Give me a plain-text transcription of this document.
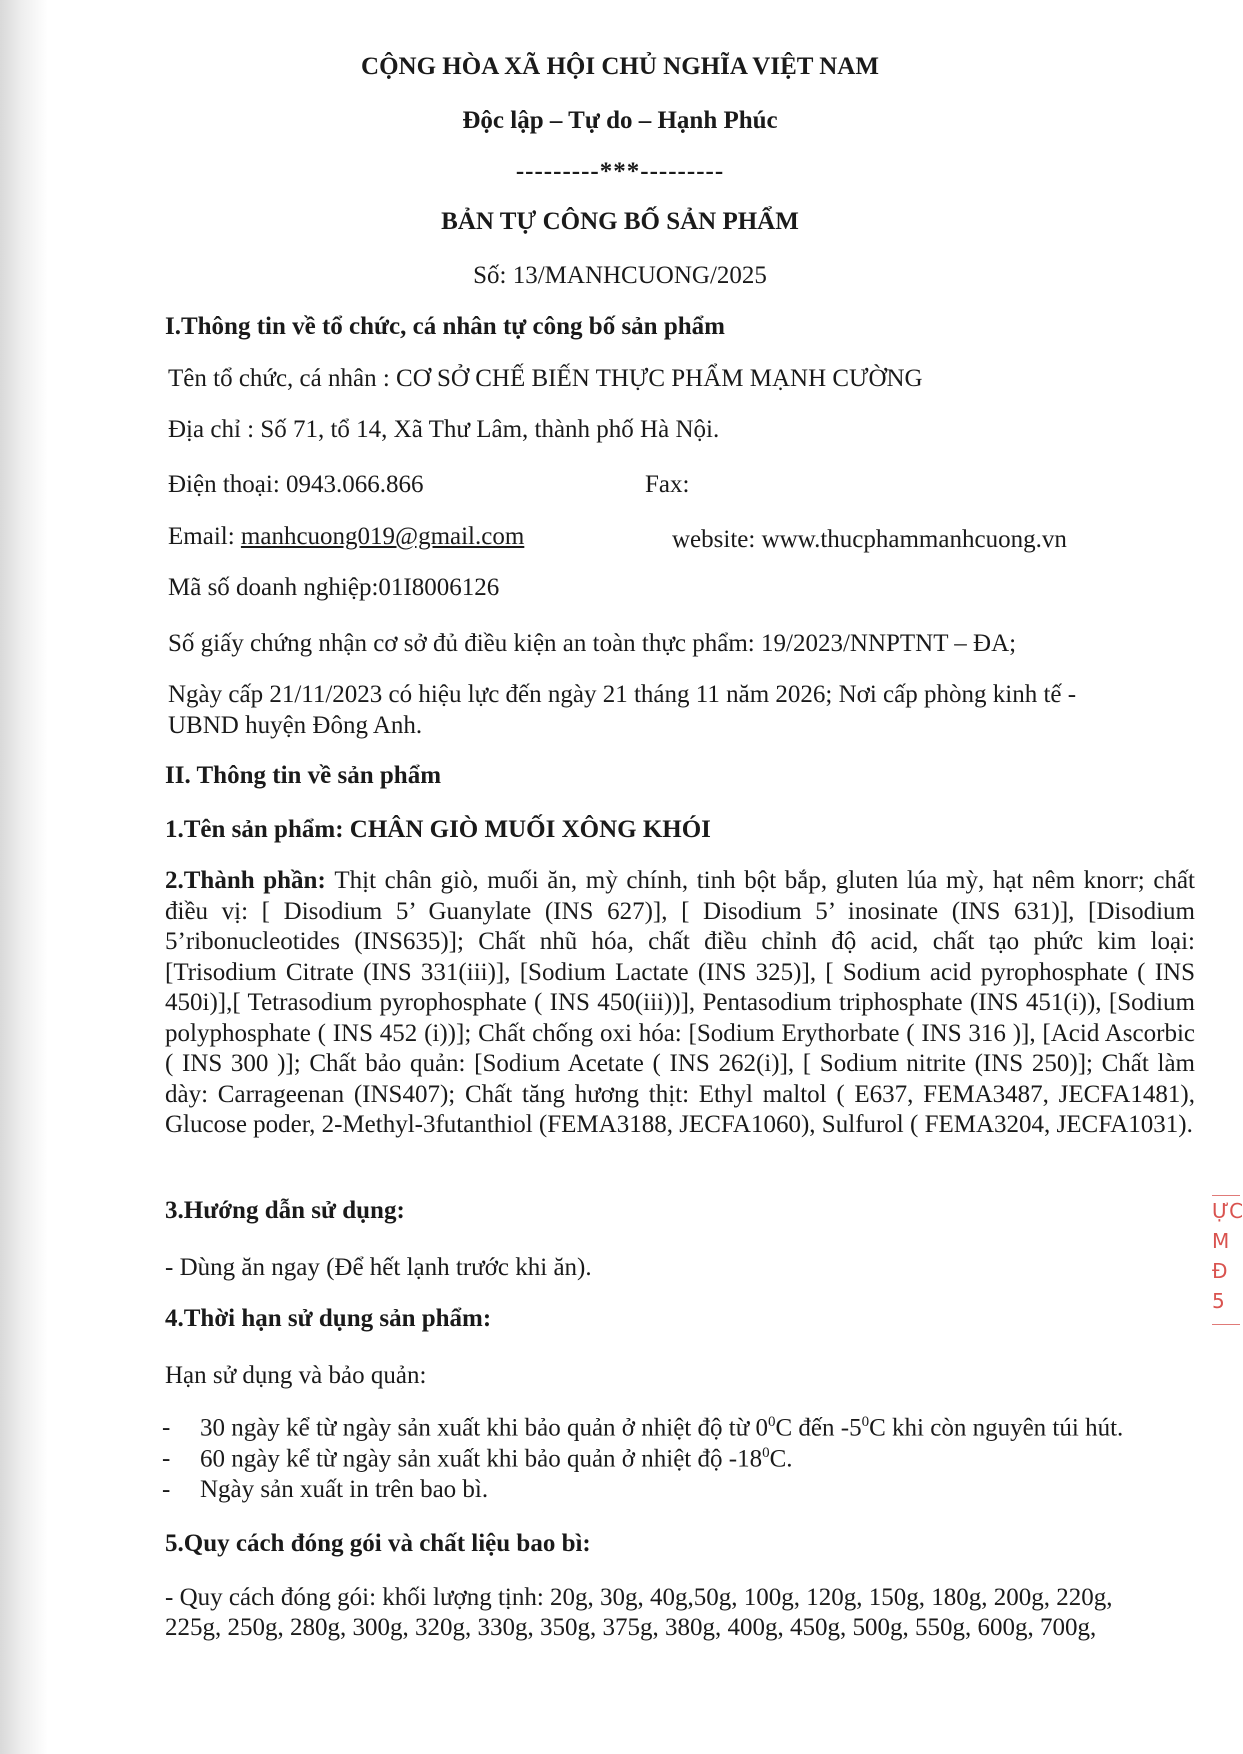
CỘNG HÒA XÃ HỘI CHỦ NGHĨA VIỆT NAM
Độc lập – Tự do – Hạnh Phúc
---------***---------
BẢN TỰ CÔNG BỐ SẢN PHẨM
Số: 13/MANHCUONG/2025
I.Thông tin về tổ chức, cá nhân tự công bố sản phẩm
Tên tổ chức, cá nhân : CƠ SỞ CHẾ BIẾN THỰC PHẨM MẠNH CƯỜNG
Địa chỉ : Số 71, tổ 14, Xã Thư Lâm, thành phố Hà Nội.
Điện thoại: 0943.066.866	Fax:
Email: manhcuong019@gmail.com	website: www.thucphammanhcuong.vn
Mã số doanh nghiệp:01I8006126
Số giấy chứng nhận cơ sở đủ điều kiện an toàn thực phẩm: 19/2023/NNPTNT – ĐA;
Ngày cấp 21/11/2023 có hiệu lực đến ngày 21 tháng 11 năm 2026; Nơi cấp phòng kinh tế -
UBND huyện Đông Anh.
II. Thông tin về sản phẩm
1.Tên sản phẩm: CHÂN GIÒ MUỐI XÔNG KHÓI
2.Thành phần: Thịt chân giò, muối ăn, mỳ chính, tinh bột bắp, gluten lúa mỳ, hạt nêm knorr; chất điều vị: [ Disodium 5’ Guanylate (INS 627)], [ Disodium 5’ inosinate (INS 631)], [Disodium 5’ribonucleotides (INS635)]; Chất nhũ hóa, chất điều chỉnh độ acid, chất tạo phức kim loại: [Trisodium Citrate (INS 331(iii)], [Sodium Lactate (INS 325)], [ Sodium acid pyrophosphate ( INS 450i)],[ Tetrasodium pyrophosphate ( INS 450(iii))], Pentasodium triphosphate (INS 451(i)), [Sodium polyphosphate ( INS 452 (i))]; Chất chống oxi hóa: [Sodium Erythorbate ( INS 316 )], [Acid Ascorbic ( INS 300 )]; Chất bảo quản: [Sodium Acetate ( INS 262(i)], [ Sodium nitrite (INS 250)]; Chất làm dày: Carrageenan (INS407); Chất tăng hương thịt: Ethyl maltol ( E637, FEMA3487, JECFA1481), Glucose poder, 2-Methyl-3futanthiol (FEMA3188, JECFA1060), Sulfurol ( FEMA3204, JECFA1031).
3.Hướng dẫn sử dụng:
- Dùng ăn ngay (Để hết lạnh trước khi ăn).
4.Thời hạn sử dụng sản phẩm:
Hạn sử dụng và bảo quản:
- 30 ngày kể từ ngày sản xuất khi bảo quản ở nhiệt độ từ $0^0C$ đến $-5^0C$ khi còn nguyên túi hút.
- 60 ngày kể từ ngày sản xuất khi bảo quản ở nhiệt độ $-18^0C$.
- Ngày sản xuất in trên bao bì.
5.Quy cách đóng gói và chất liệu bao bì:
- Quy cách đóng gói: khối lượng tịnh: 20g, 30g, 40g,50g, 100g, 120g, 150g, 180g, 200g, 220g,
225g, 250g, 280g, 300g, 320g, 330g, 350g, 375g, 380g, 400g, 450g, 500g, 550g, 600g, 700g,
ỰC
M
Đ
5
